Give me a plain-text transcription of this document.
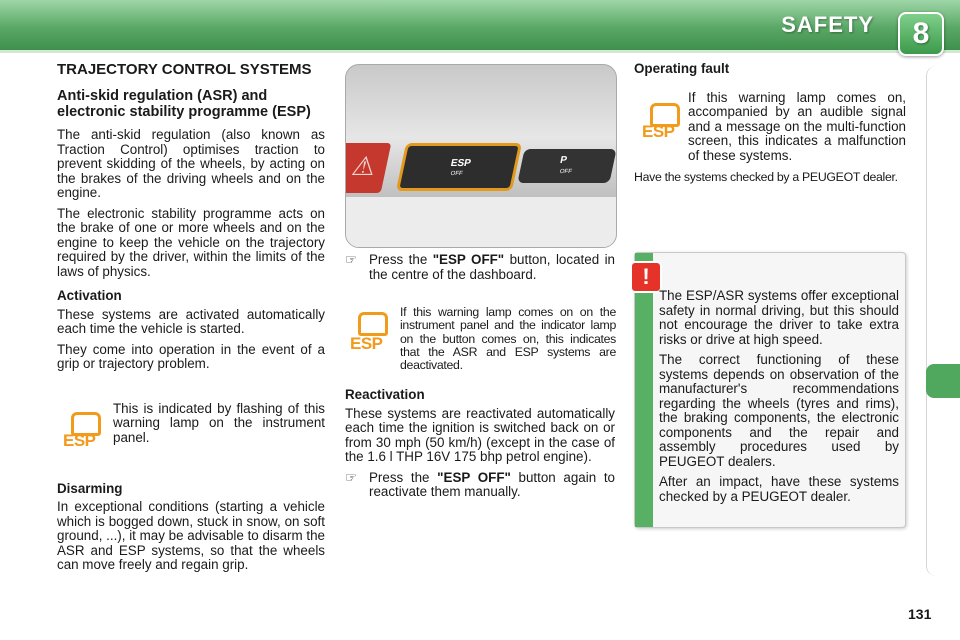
SAFETY	8
TRAJECTORY CONTROL SYSTEMS
Anti-skid regulation (ASR) and electronic stability programme (ESP)

The anti-skid regulation (also known as Traction Control) optimises traction to prevent skidding of the wheels, by acting on the brakes of the driving wheels and on the engine.

The electronic stability programme acts on the brake of one or more wheels and on the engine to keep the vehicle on the trajectory required by the driver, within the limits of the laws of physics.

Activation

These systems are activated automatically each time the vehicle is started.

They come into operation in the event of a grip or trajectory problem.

ESP

This is indicated by flashing of this warning lamp on the instrument panel.

Disarming

In exceptional conditions (starting a vehicle which is bogged down, stuck in snow, on soft ground, ...), it may be advisable to disarm the ASR and ESP systems, so that the wheels can move freely and regain grip.

⚠	ESP
OFF
P
OFF

☞ Press the "ESP OFF" button, located in the centre of the dashboard.

ESP

If this warning lamp comes on on the instrument panel and the indicator lamp on the button comes on, this indicates that the ASR and ESP systems are deactivated.

Reactivation

These systems are reactivated automatically each time the ignition is switched back on or from 30 mph (50 km/h) (except in the case of the 1.6 l THP 16V 175 bhp petrol engine).

☞ Press the "ESP OFF" button again to reactivate them manually.

Operating fault
ESP

If this warning lamp comes on, accompanied by an audible signal and a message on the multi-function screen, this indicates a malfunction of these systems.

Have the systems checked by a PEUGEOT dealer.

!

The ESP/ASR systems offer exceptional safety in normal driving, but this should not encourage the driver to take extra risks or drive at high speed.

The correct functioning of these systems depends on observation of the manufacturer's recommendations regarding the wheels (tyres and rims), the braking components, the electronic components and the repair and assembly procedures used by PEUGEOT dealers.

After an impact, have these systems checked by a PEUGEOT dealer.

131
